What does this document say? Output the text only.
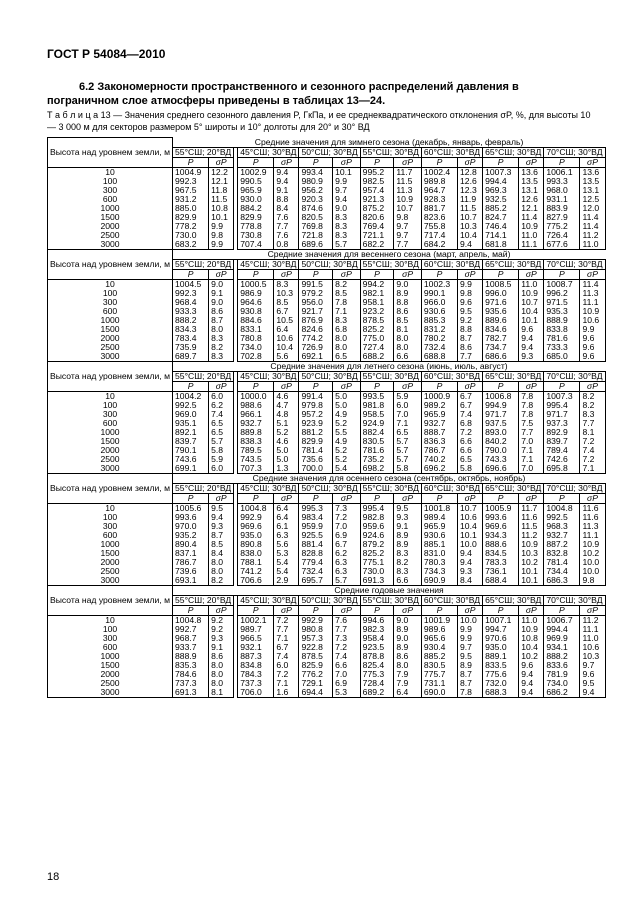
ГОСТ Р 54084—2010
6.2 Закономерности пространственного и сезонного распределений давления в пограничном слое атмосферы приведены в таблицах 13—24.
Т а б л и ц а 13 — Значения среднего сезонного давления P, ГкПа, и ее среднеквадратического отклонения σP, %, для высоты 10 — 3 000 м для секторов размером 5° широты и 10° долготы для 20° и 30° ВД
Высота над уровнем земли, м	Средние значения для зимнего сезона (декабрь, январь, февраль)														
	55°СШ; 20°ВД			45°СШ; 30°ВД		50°СШ; 30°ВД		55°СШ; 30°ВД		60°СШ; 30°ВД		65°СШ; 30°ВД		70°СШ; 30°ВД	
	P	σP		P	σP	P	σP	P	σP	P	σP	P	σP	P	σP
10	1004.9	12.2		1002.9	9.4	993.4	10.1	995.2	11.7	1002.4	12.8	1007.3	13.6	1006.1	13.6
100	992.3	12.1		990.5	9.4	980.9	9.9	982.5	11.5	989.8	12.6	994.4	13.5	993.3	13.5
300	967.5	11.8		965.9	9.1	956.2	9.7	957.4	11.3	964.7	12.3	969.3	13.1	968.0	13.1
600	931.2	11.5		930.0	8.8	920.3	9.4	921.3	10.9	928.3	11.9	932.5	12.6	931.1	12.5
1000	885.0	10.8		884.2	8.4	874.6	9.0	875.2	10.7	881.7	11.5	885.2	12.1	883.9	12.0
1500	829.9	10.1		829.9	7.6	820.5	8.3	820.6	9.8	823.6	10.7	824.7	11.4	827.9	11.4
2000	778.2	9.9		778.8	7.7	769.8	8.3	769.4	9.7	755.8	10.3	746.4	10.9	775.2	11.4
2500	730.0	9.8		730.8	7.6	721.8	8.3	721.1	9.7	717.4	10.4	714.1	11.0	726.4	11.2
3000	683.2	9.9		707.4	0.8	689.6	5.7	682.2	7.7	684.2	9.4	681.8	11.1	677.6	11.0
Высота над уровнем земли, м	Средние значения для весеннего сезона (март, апрель, май)														
	55°СШ; 20°ВД			45°СШ; 30°ВД		50°СШ; 30°ВД		55°СШ; 30°ВД		60°СШ; 30°ВД		65°СШ; 30°ВД		70°СШ; 30°ВД	
	P	σP		P	σP	P	σP	P	σP	P	σP	P	σP	P	σP
10	1004.5	9.0		1000.5	8.3	991.5	8.2	994.2	9.0	1002.3	9.9	1008.5	11.0	1008.7	11.4
100	992.3	9.1		986.9	10.3	979.2	8.5	982.1	8.9	990.1	9.8	996.0	10.9	996.2	11.3
300	968.4	9.0		964.6	8.5	956.0	7.8	958.1	8.8	966.0	9.6	971.6	10.7	971.5	11.1
600	933.3	8.6		930.8	6.7	921.7	7.1	923.2	8.6	930.6	9.5	935.6	10.4	935.3	10.9
1000	888.2	8.7		884.6	10.5	876.9	8.3	878.5	8.5	885.3	9.2	889.6	10.1	888.9	10.6
1500	834.3	8.0		833.1	6.4	824.6	6.8	825.2	8.1	831.2	8.8	834.6	9.6	833.8	9.9
2000	783.4	8.3		780.8	10.6	774.2	8.0	775.0	8.0	780.2	8.7	782.7	9.4	781.6	9.6
2500	735.9	8.2		734.0	10.4	726.9	8.0	727.4	8.0	732.4	8.6	734.7	9.4	733.3	9.6
3000	689.7	8.3		702.8	5.6	692.1	6.5	688.2	6.6	688.8	7.7	686.6	9.3	685.0	9.6
Высота над уровнем земли, м	Средние значения для летнего сезона (июнь, июль, август)														
	55°СШ; 20°ВД			45°СШ; 30°ВД		50°СШ; 30°ВД		55°СШ; 30°ВД		60°СШ; 30°ВД		65°СШ; 30°ВД		70°СШ; 30°ВД	
	P	σP		P	σP	P	σP	P	σP	P	σP	P	σP	P	σP
10	1004.2	6.0		1000.0	4.6	991.4	5.0	993.5	5.9	1000.9	6.7	1006.8	7.8	1007.3	8.2
100	992.5	6.2		988.6	4.7	979.8	5.0	981.8	6.0	989.2	6.7	994.9	7.8	995.4	8.2
300	969.0	7.4		966.1	4.8	957.2	4.9	958.5	7.0	965.9	7.4	971.7	7.8	971.7	8.3
600	935.1	6.5		932.7	5.1	923.9	5.2	924.9	7.1	932.7	6.8	937.5	7.5	937.3	7.7
1000	892.1	6.5		889.8	5.2	881.2	5.5	882.4	6.5	888.7	7.2	893.0	7.7	892.9	8.1
1500	839.7	5.7		838.3	4.6	829.9	4.9	830.5	5.7	836.3	6.6	840.2	7.0	839.7	7.2
2000	790.1	5.8		789.5	5.0	781.4	5.2	781.6	5.7	786.7	6.6	790.0	7.1	789.4	7.4
2500	743.6	5.9		743.5	5.0	735.6	5.2	735.2	5.7	740.2	6.5	743.3	7.1	742.6	7.2
3000	699.1	6.0		707.3	1.3	700.0	5.4	698.2	5.8	696.2	5.8	696.6	7.0	695.8	7.1
Высота над уровнем земли, м	Средние значения для осеннего сезона (сентябрь, октябрь, ноябрь)														
	55°СШ; 20°ВД			45°СШ; 30°ВД		50°СШ; 30°ВД		55°СШ; 30°ВД		60°СШ; 30°ВД		65°СШ; 30°ВД		70°СШ; 30°ВД	
	P	σP		P	σP	P	σP	P	σP	P	σP	P	σP	P	σP
10	1005.6	9.5		1004.8	6.4	995.3	7.3	995.4	9.5	1001.8	10.7	1005.9	11.7	1004.8	11.6
100	993.6	9.4		992.9	6.4	983.4	7.2	982.8	9.3	989.4	10.6	993.6	11.6	992.5	11.6
300	970.0	9.3		969.6	6.1	959.9	7.0	959.6	9.1	965.9	10.4	969.6	11.5	968.3	11.3
600	935.2	8.7		935.0	6.3	925.5	6.9	924.6	8.9	930.6	10.1	934.3	11.2	932.7	11.1
1000	890.4	8.5		890.8	5.6	881.4	6.7	879.2	8.9	885.1	10.0	888.6	10.9	887.2	10.9
1500	837.1	8.4		838.0	5.3	828.8	6.2	825.2	8.3	831.0	9.4	834.5	10.3	832.8	10.2
2000	786.7	8.0		788.1	5.4	779.4	6.3	775.1	8.2	780.3	9.4	783.3	10.2	781.4	10.0
2500	739.6	8.0		741.2	5.4	732.4	6.3	730.0	8.3	734.3	9.3	736.1	10.1	734.4	10.0
3000	693.1	8.2		706.6	2.9	695.7	5.7	691.3	6.6	690.9	8.4	688.4	10.1	686.3	9.8
Высота над уровнем земли, м	Средние годовые значения														
	55°СШ; 20°ВД			45°СШ; 30°ВД		50°СШ; 30°ВД		55°СШ; 30°ВД		60°СШ; 30°ВД		65°СШ; 30°ВД		70°СШ; 30°ВД	
	P	σP		P	σP	P	σP	P	σP	P	σP	P	σP	P	σP
10	1004.8	9.2		1002.1	7.2	992.9	7.6	994.6	9.0	1001.9	10.0	1007.1	11.0	1006.7	11.2
100	992.7	9.2		989.7	7.7	980.8	7.7	982.3	8.9	989.6	9.9	994.7	10.9	994.4	11.1
300	968.7	9.3		966.5	7.1	957.3	7.3	958.4	9.0	965.6	9.9	970.6	10.8	969.9	11.0
600	933.7	9.1		932.1	6.7	922.8	7.2	923.5	8.9	930.4	9.7	935.0	10.4	934.1	10.6
1000	888.9	8.6		887.3	7.4	878.5	7.4	878.8	8.6	885.2	9.5	889.1	10.2	888.2	10.3
1500	835.3	8.0		834.8	6.0	825.9	6.6	825.4	8.0	830.5	8.9	833.5	9.6	833.6	9.7
2000	784.6	8.0		784.3	7.2	776.2	7.0	775.3	7.9	775.7	8.7	775.6	9.4	781.9	9.6
2500	737.3	8.0		737.3	7.1	729.1	6.9	728.4	7.9	731.1	8.7	732.0	9.4	734.0	9.5
3000	691.3	8.1		706.0	1.6	694.4	5.3	689.2	6.4	690.0	7.8	688.3	9.4	686.2	9.4
18
